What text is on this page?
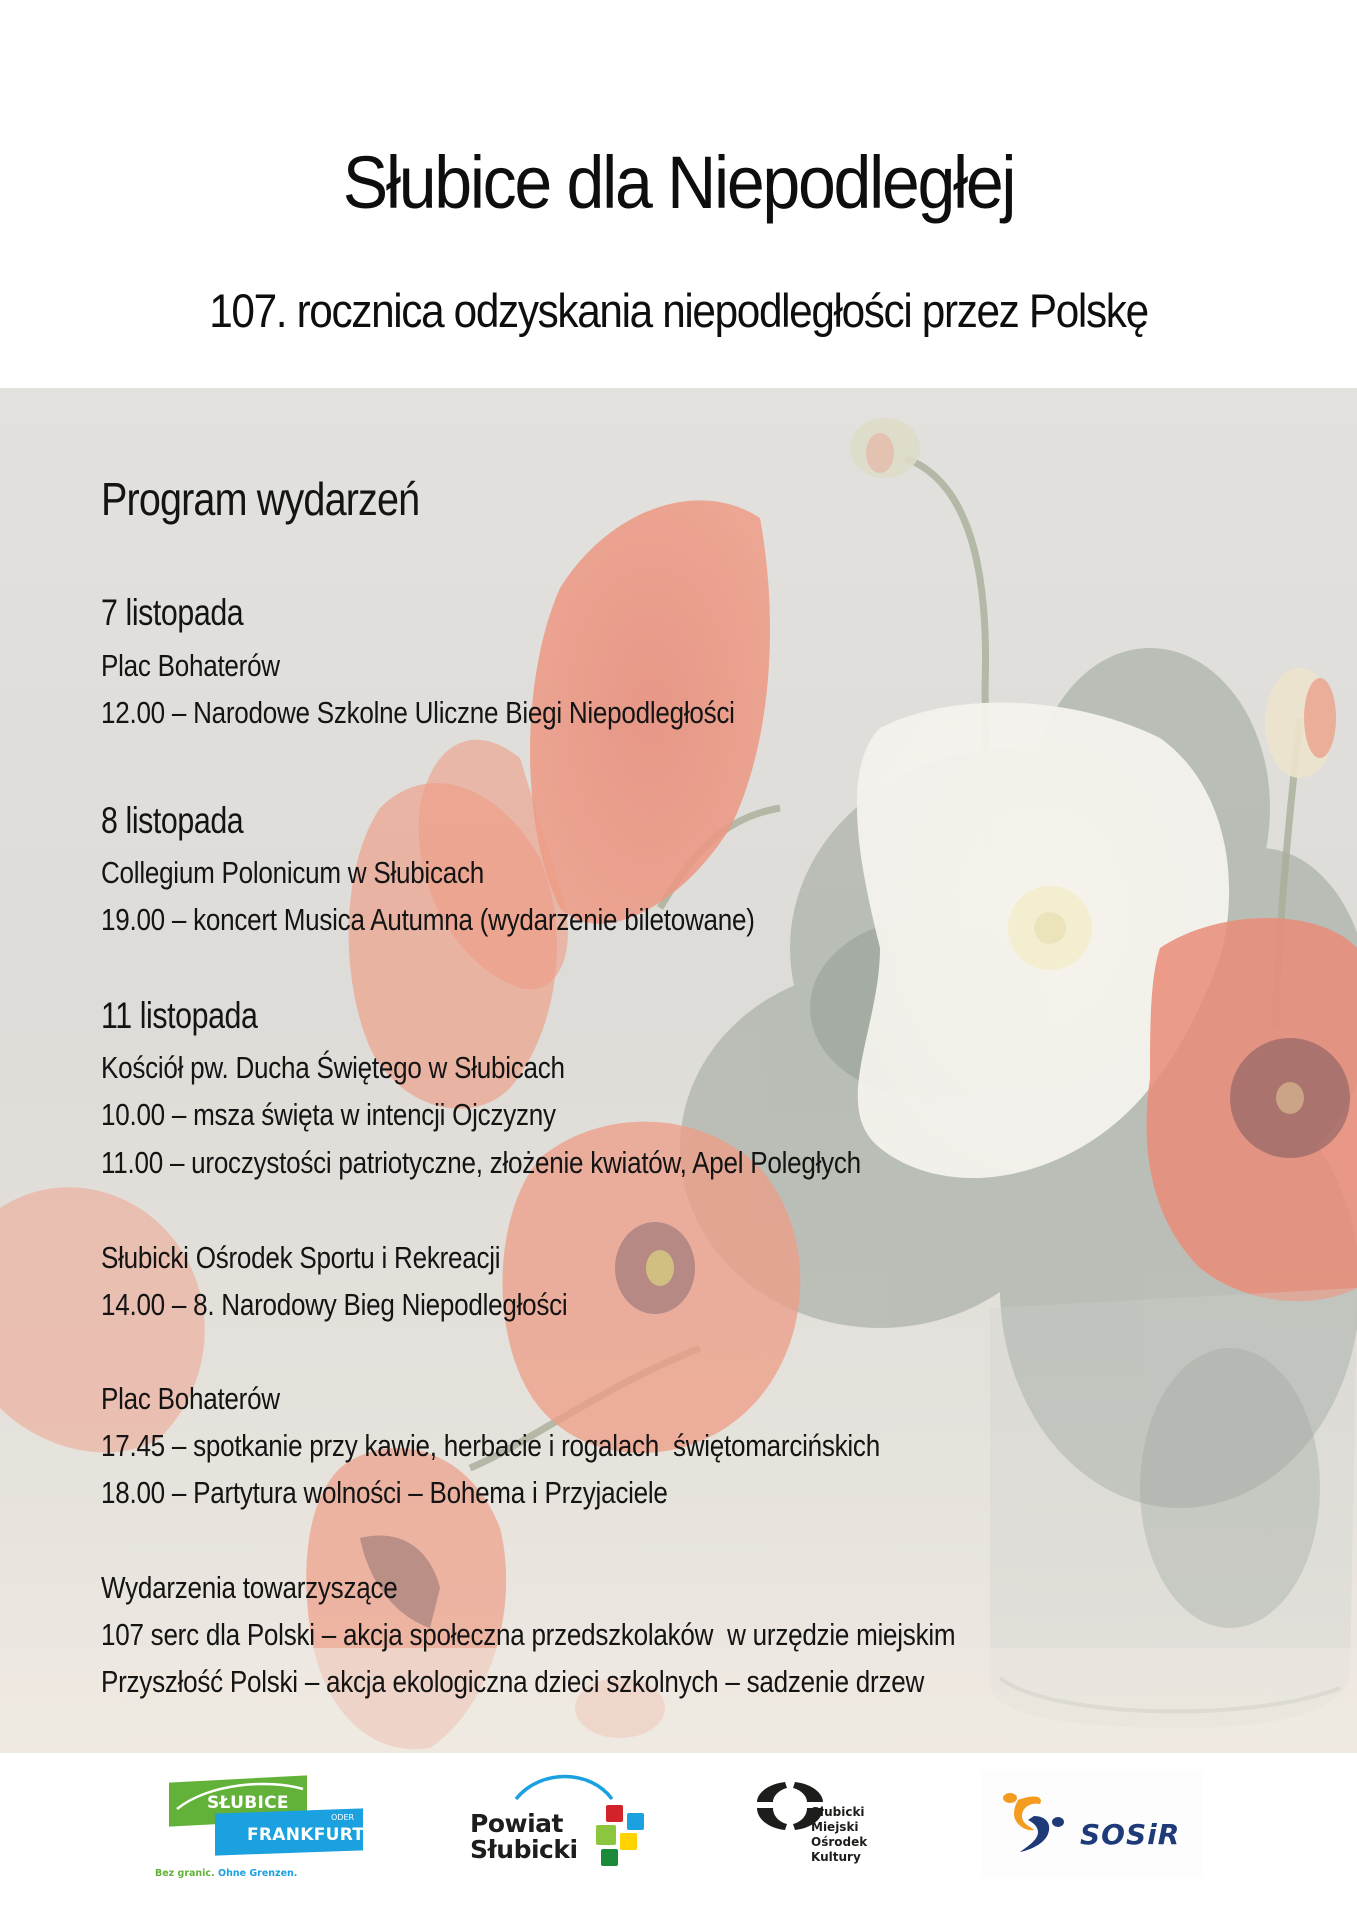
Słubice dla Niepodległej
107. rocznica odzyskania niepodległości przez Polskę
Program wydarzeń
7 listopada
Plac Bohaterów
12.00 – Narodowe Szkolne Uliczne Biegi Niepodległości
8 listopada
Collegium Polonicum w Słubicach
19.00 – koncert Musica Autumna (wydarzenie biletowane)
11 listopada
Kościół pw. Ducha Świętego w Słubicach
10.00 – msza święta w intencji Ojczyzny
11.00 – uroczystości patriotyczne, złożenie kwiatów, Apel Poległych
Słubicki Ośrodek Sportu i Rekreacji
14.00 – 8. Narodowy Bieg Niepodległości
Plac Bohaterów
17.45 – spotkanie przy kawie, herbacie i rogalach  świętomarcińskich
18.00 – Partytura wolności – Bohema i Przyjaciele
Wydarzenia towarzyszące
107 serc dla Polski – akcja społeczna przedszkolaków  w urzędzie miejskim
Przyszłość Polski – akcja ekologiczna dzieci szkolnych – sadzenie drzew
SŁUBICE
ODER
FRANKFURT
Bez granic. Ohne Grenzen.
Powiat
Słubicki
Słubicki
Miejski
Ośrodek
Kultury
SOSiR
